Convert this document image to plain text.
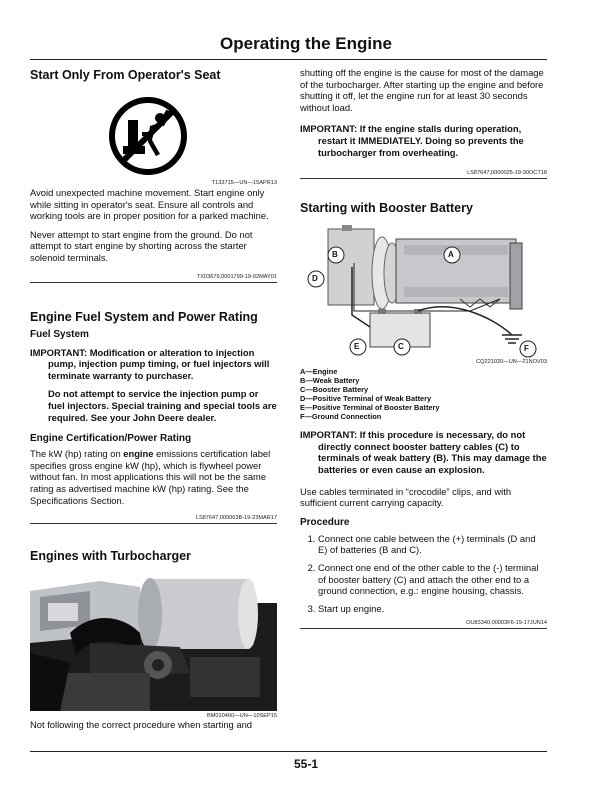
Operating the Engine
Start Only From Operator's Seat
T133715—UN—15APR13

Avoid unexpected machine movement. Start engine only while sitting in operator's seat. Ensure all controls and working tools are in proper position for a parked machine.

Never attempt to start engine from the ground. Do not attempt to start engine by shorting across the starter solenoid terminals.

TX03679,0001799-19-02MAY01
Engine Fuel System and Power Rating
Fuel System
IMPORTANT: Modification or alteration to injection pump, injection pump timing, or fuel injectors will terminate warranty to purchaser.
Do not attempt to service the injection pump or fuel injectors. Special training and special tools are required. See your John Deere dealer.
Engine Certification/Power Rating

The kW (hp) rating on engine emissions certification label specifies gross engine kW (hp), which is flywheel power without fan. In most applications this will not be the same rating as advertised machine kW (hp) rating. See the Specifications Section.

LS87647,000063B-19-23MAR17
Engines with Turbocharger
BM010460—UN—10SEP15

Not following the correct procedure when starting and

shutting off the engine is the cause for most of the damage of the turbocharger. After starting up the engine and before shutting it off, let the engine run for at least 30 seconds without load.

IMPORTANT: If the engine stalls during operation, restart it IMMEDIATELY. Doing so prevents the turbocharger from overheating.
LS87647,0000025-19-30OCT18
Starting with Booster Battery
B	A
D
E	C	F
CQ221020—UN—21NOV03
A—Engine
B—Weak Battery
C—Booster Battery
D—Positive Terminal of Weak Battery
E—Positive Terminal of Booster Battery
F—Ground Connection
IMPORTANT: If this procedure is necessary, do not directly connect booster battery cables (C) to terminals of weak battery (B). This may damage the batteries or even cause an explosion.

Use cables terminated in “crocodile” clips, and with sufficient current carrying capacity.

Procedure
1. Connect one cable between the (+) terminals (D and E) of batteries (B and C).
2. Connect one end of the other cable to the (-) terminal of booster battery (C) and attach the other end to a ground connection, e.g.: engine housing, chassis.
3. Start up engine.
OU83340,00003F6-19-17JUN14
55-1
